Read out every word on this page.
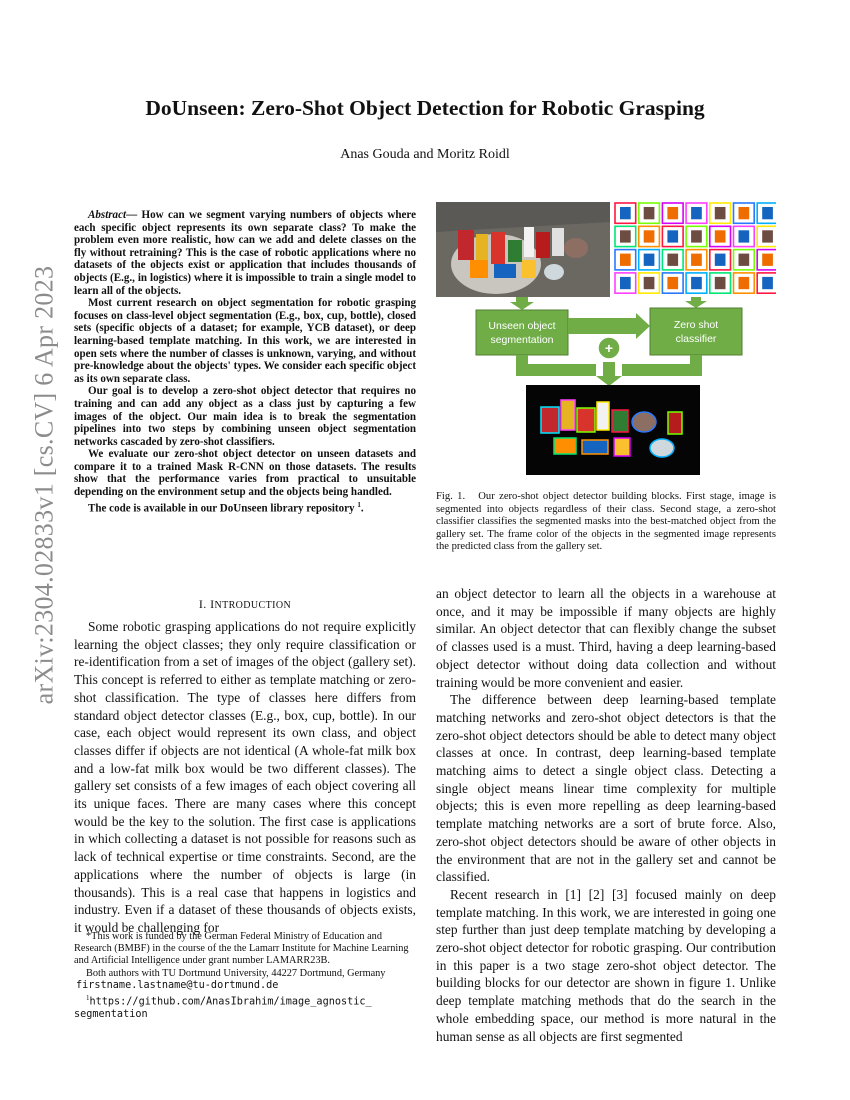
arXiv:2304.02833v1 [cs.CV] 6 Apr 2023
DoUnseen: Zero-Shot Object Detection for Robotic Grasping
Anas Gouda and Moritz Roidl

Abstract— How can we segment varying numbers of objects where each specific object represents its own separate class? To make the problem even more realistic, how can we add and delete classes on the fly without retraining? This is the case of robotic applications where no datasets of the objects exist or application that includes thousands of objects (E.g., in logistics) where it is impossible to train a single model to learn all of the objects.

Most current research on object segmentation for robotic grasping focuses on class-level object segmentation (E.g., box, cup, bottle), closed sets (specific objects of a dataset; for example, YCB dataset), or deep learning-based template matching. In this work, we are interested in open sets where the number of classes is unknown, varying, and without pre-knowledge about the objects' types. We consider each specific object as its own separate class.

Our goal is to develop a zero-shot object detector that requires no training and can add any object as a class just by capturing a few images of the object. Our main idea is to break the segmentation pipelines into two steps by combining unseen object segmentation networks cascaded by zero-shot classifiers.

We evaluate our zero-shot object detector on unseen datasets and compare it to a trained Mask R-CNN on those datasets. The results show that the performance varies from practical to unsuitable depending on the environment setup and the objects being handled.

The code is available in our DoUnseen library repository $^1$.

I. INTRODUCTION

Some robotic grasping applications do not require explicitly learning the object classes; they only require classification or re-identification from a set of images of the object (gallery set). This concept is referred to either as template matching or zero-shot classification. The type of classes here differs from standard object detector classes (E.g., box, cup, bottle). In our case, each object would represent its own class, and object classes differ if objects are not identical (A whole-fat milk box and a low-fat milk box would be two different classes). The gallery set consists of a few images of each object covering all its unique faces. There are many cases where this concept would be the key to the solution. The first case is applications in which collecting a dataset is not possible for reasons such as lack of technical expertise or time constraints. Second, are the applications where the number of objects is large (in thousands). This is a real case that happens in logistics and industry. Even if a dataset of these thousands of objects exists, it would be challenging for

*This work is funded by the German Federal Ministry of Education and Research (BMBF) in the course of the the Lamarr Institute for Machine Learning and Artificial Intelligence under grant number LAMARR23B.

Both authors with TU Dortmund University, 44227 Dortmund, Germany

firstname.lastname@tu-dortmund.de

$^1$https://github.com/AnasIbrahim/image_agnostic_

segmentation

Unseen object
segmentation
Zero shot
classifier
+

Fig. 1. Our zero-shot object detector building blocks. First stage, image is segmented into objects regardless of their class. Second stage, a zero-shot classifier classifies the segmented masks into the best-matched object from the gallery set. The frame color of the objects in the segmented image represents the predicted class from the gallery set.

an object detector to learn all the objects in a warehouse at once, and it may be impossible if many objects are highly similar. An object detector that can flexibly change the subset of classes used is a must. Third, having a deep learning-based object detector without doing data collection and without training would be more convenient and easier.

The difference between deep learning-based template matching networks and zero-shot object detectors is that the zero-shot object detectors should be able to detect many object classes at once. In contrast, deep learning-based template matching aims to detect a single object class. Detecting a single object means linear time complexity for multiple objects; this is even more repelling as deep learning-based template matching networks are a sort of brute force. Also, zero-shot object detectors should be aware of other objects in the environment that are not in the gallery set and cannot be classified.

Recent research in [1] [2] [3] focused mainly on deep template matching. In this work, we are interested in going one step further than just deep template matching by developing a zero-shot object detector for robotic grasping. Our contribution in this paper is a two stage zero-shot object detector. The building blocks for our detector are shown in figure 1. Unlike deep template matching methods that do the search in the whole embedding space, our method is more natural in the human sense as all objects are first segmented
